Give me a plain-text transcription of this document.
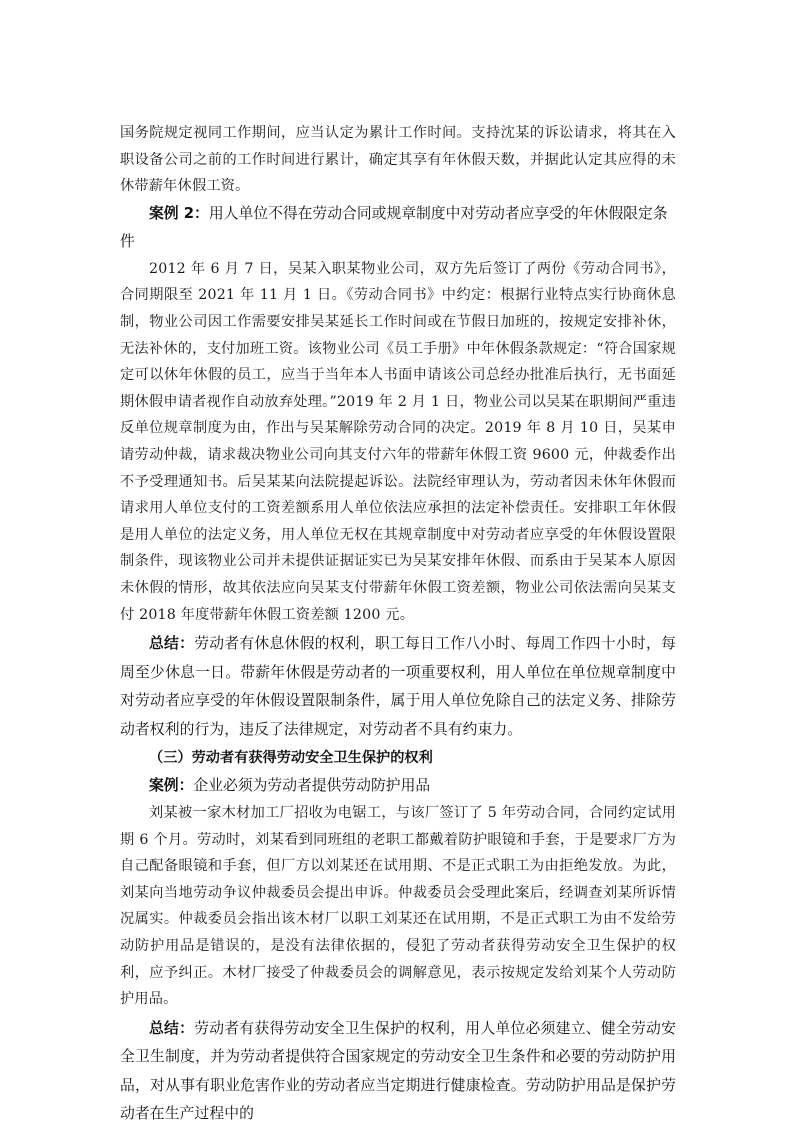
国务院规定视同工作期间，应当认定为累计工作时间。支持沈某的诉讼请求，将其在入职设备公司之前的工作时间进行累计，确定其享有年休假天数，并据此认定其应得的未休带薪年休假工资。

案例 2：用人单位不得在劳动合同或规章制度中对劳动者应享受的年休假限定条件

2012 年 6 月 7 日，吴某入职某物业公司，双方先后签订了两份《劳动合同书》，合同期限至 2021 年 11 月 1 日。《劳动合同书》中约定：根据行业特点实行协商休息制，物业公司因工作需要安排吴某延长工作时间或在节假日加班的，按规定安排补休，无法补休的，支付加班工资。该物业公司《员工手册》中年休假条款规定：“符合国家规定可以休年休假的员工，应当于当年本人书面申请该公司总经办批准后执行，无书面延期休假申请者视作自动放弃处理。”2019 年 2 月 1 日，物业公司以吴某在职期间严重违反单位规章制度为由，作出与吴某解除劳动合同的决定。2019 年 8 月 10 日，吴某申请劳动仲裁，请求裁决物业公司向其支付六年的带薪年休假工资 9600 元，仲裁委作出不予受理通知书。后吴某某向法院提起诉讼。法院经审理认为，劳动者因未休年休假而请求用人单位支付的工资差额系用人单位依法应承担的法定补偿责任。安排职工年休假是用人单位的法定义务，用人单位无权在其规章制度中对劳动者应享受的年休假设置限制条件，现该物业公司并未提供证据证实已为吴某安排年休假、而系由于吴某本人原因未休假的情形，故其依法应向吴某支付带薪年休假工资差额，物业公司依法需向吴某支付 2018 年度带薪年休假工资差额 1200 元。

总结：劳动者有休息休假的权利，职工每日工作八小时、每周工作四十小时，每周至少休息一日。带薪年休假是劳动者的一项重要权利，用人单位在单位规章制度中对劳动者应享受的年休假设置限制条件，属于用人单位免除自己的法定义务、排除劳动者权利的行为，违反了法律规定，对劳动者不具有约束力。

（三）劳动者有获得劳动安全卫生保护的权利

案例：企业必须为劳动者提供劳动防护用品

刘某被一家木材加工厂招收为电锯工，与该厂签订了 5 年劳动合同，合同约定试用期 6 个月。劳动时，刘某看到同班组的老职工都戴着防护眼镜和手套，于是要求厂方为自己配备眼镜和手套，但厂方以刘某还在试用期、不是正式职工为由拒绝发放。为此，刘某向当地劳动争议仲裁委员会提出申诉。仲裁委员会受理此案后，经调查刘某所诉情况属实。仲裁委员会指出该木材厂以职工刘某还在试用期，不是正式职工为由不发给劳动防护用品是错误的，是没有法律依据的，侵犯了劳动者获得劳动安全卫生保护的权利，应予纠正。木材厂接受了仲裁委员会的调解意见，表示按规定发给刘某个人劳动防护用品。

总结：劳动者有获得劳动安全卫生保护的权利，用人单位必须建立、健全劳动安全卫生制度，并为劳动者提供符合国家规定的劳动安全卫生条件和必要的劳动防护用品，对从事有职业危害作业的劳动者应当定期进行健康检查。劳动防护用品是保护劳动者在生产过程中的
